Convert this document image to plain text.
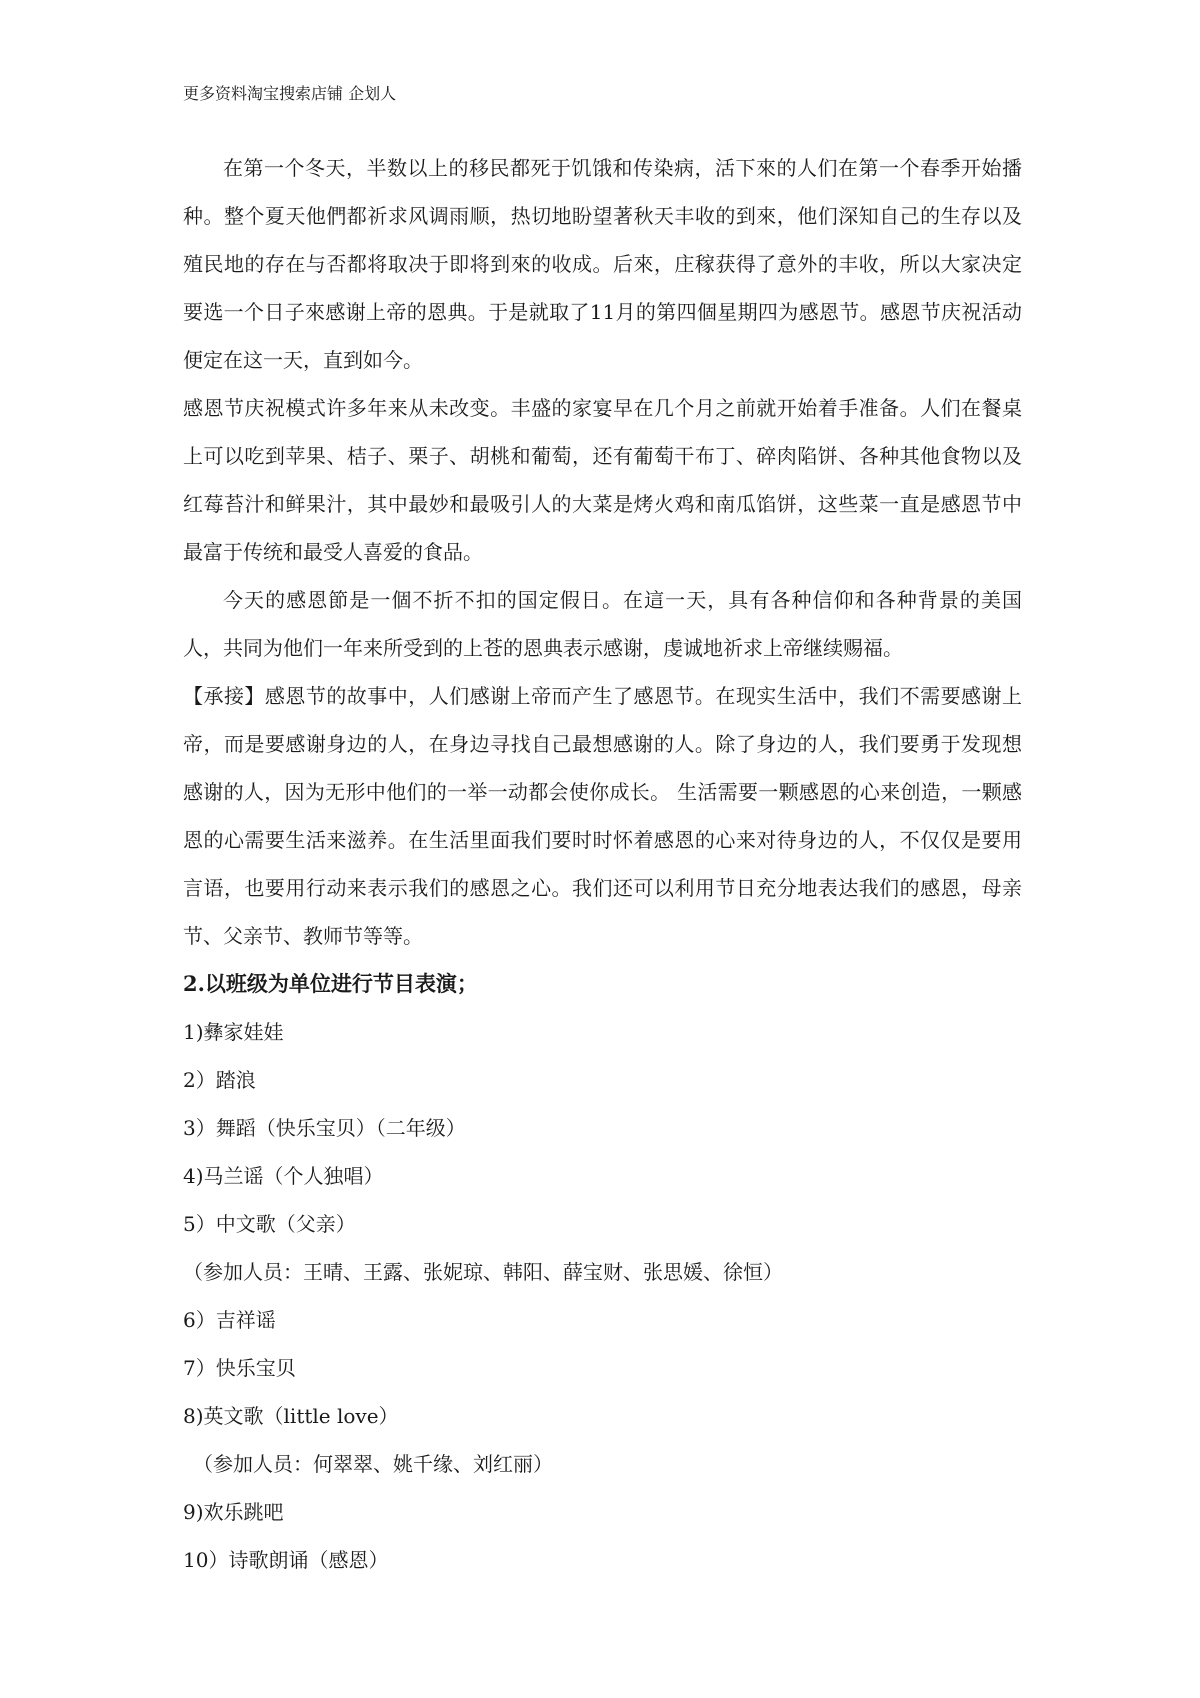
更多资料淘宝搜索店铺 企划人

在第一个冬天，半数以上的移民都死于饥饿和传染病，活下來的人们在第一个春季开始播种。整个夏天他們都祈求风调雨顺，热切地盼望著秋天丰收的到來，他们深知自己的生存以及殖民地的存在与否都将取决于即将到來的收成。后來，庄稼获得了意外的丰收，所以大家决定要选一个日子來感谢上帝的恩典。于是就取了11月的第四個星期四为感恩节。感恩节庆祝活动便定在这一天，直到如今。

感恩节庆祝模式许多年来从未改变。丰盛的家宴早在几个月之前就开始着手准备。人们在餐桌上可以吃到苹果、桔子、栗子、胡桃和葡萄，还有葡萄干布丁、碎肉陷饼、各种其他食物以及红莓苔汁和鲜果汁，其中最妙和最吸引人的大菜是烤火鸡和南瓜馅饼，这些菜一直是感恩节中最富于传统和最受人喜爱的食品。

今天的感恩節是一個不折不扣的国定假日。在這一天，具有各种信仰和各种背景的美国人，共同为他们一年来所受到的上苍的恩典表示感谢，虔诚地祈求上帝继续赐福。

【承接】感恩节的故事中，人们感谢上帝而产生了感恩节。在现实生活中，我们不需要感谢上帝，而是要感谢身边的人，在身边寻找自己最想感谢的人。除了身边的人，我们要勇于发现想感谢的人，因为无形中他们的一举一动都会使你成长。 生活需要一颗感恩的心来创造，一颗感恩的心需要生活来滋养。在生活里面我们要时时怀着感恩的心来对待身边的人，不仅仅是要用言语，也要用行动来表示我们的感恩之心。我们还可以利用节日充分地表达我们的感恩，母亲节、父亲节、教师节等等。

2.以班级为单位进行节目表演；

1)彝家娃娃
2）踏浪
3）舞蹈（快乐宝贝）（二年级）
4)马兰谣（个人独唱）
5）中文歌（父亲）
（参加人员：王晴、王露、张妮琼、韩阳、薛宝财、张思媛、徐恒）
6）吉祥谣
7）快乐宝贝
8)英文歌（little love）
（参加人员：何翠翠、姚千缘、刘红丽）
9)欢乐跳吧
10）诗歌朗诵（感恩）
